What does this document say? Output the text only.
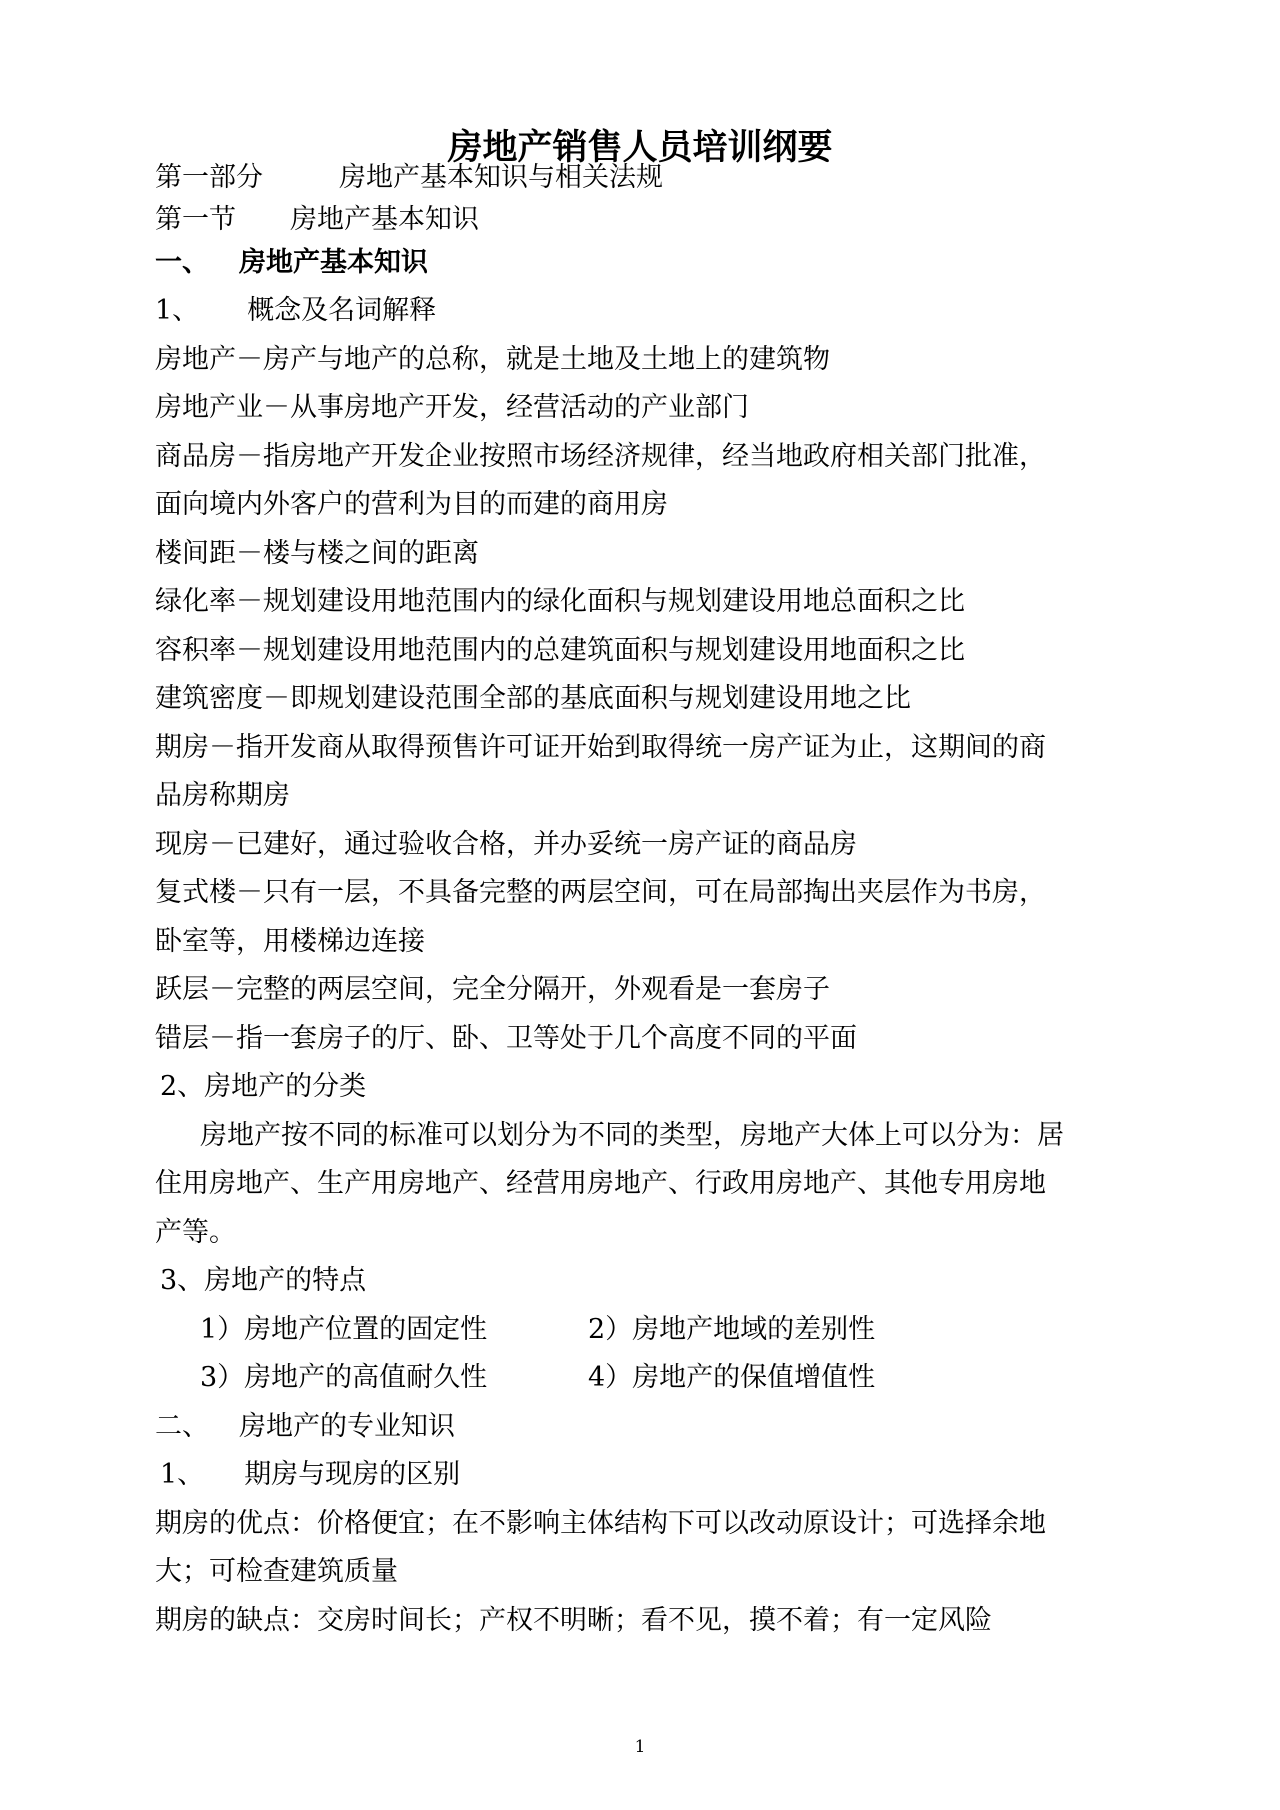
房地产销售人员培训纲要
第一部分	房地产基本知识与相关法规
第一节 房地产基本知识
一、 房地产基本知识
1、 概念及名词解释
房地产－房产与地产的总称，就是土地及土地上的建筑物
房地产业－从事房地产开发，经营活动的产业部门
商品房－指房地产开发企业按照市场经济规律，经当地政府相关部门批准，
面向境内外客户的营利为目的而建的商用房
楼间距－楼与楼之间的距离
绿化率－规划建设用地范围内的绿化面积与规划建设用地总面积之比
容积率－规划建设用地范围内的总建筑面积与规划建设用地面积之比
建筑密度－即规划建设范围全部的基底面积与规划建设用地之比
期房－指开发商从取得预售许可证开始到取得统一房产证为止，这期间的商
品房称期房
现房－已建好，通过验收合格，并办妥统一房产证的商品房
复式楼－只有一层，不具备完整的两层空间，可在局部掏出夹层作为书房，
卧室等，用楼梯边连接
跃层－完整的两层空间，完全分隔开，外观看是一套房子
错层－指一套房子的厅、卧、卫等处于几个高度不同的平面
2、房地产的分类
房地产按不同的标准可以划分为不同的类型，房地产大体上可以分为：居
住用房地产、生产用房地产、经营用房地产、行政用房地产、其他专用房地
产等。
3、房地产的特点
1）房地产位置的固定性	2）房地产地域的差别性
3）房地产的高值耐久性	4）房地产的保值增值性
二、 房地产的专业知识
1、 期房与现房的区别
期房的优点：价格便宜；在不影响主体结构下可以改动原设计；可选择余地
大；可检查建筑质量
期房的缺点：交房时间长；产权不明晰；看不见，摸不着；有一定风险
1
